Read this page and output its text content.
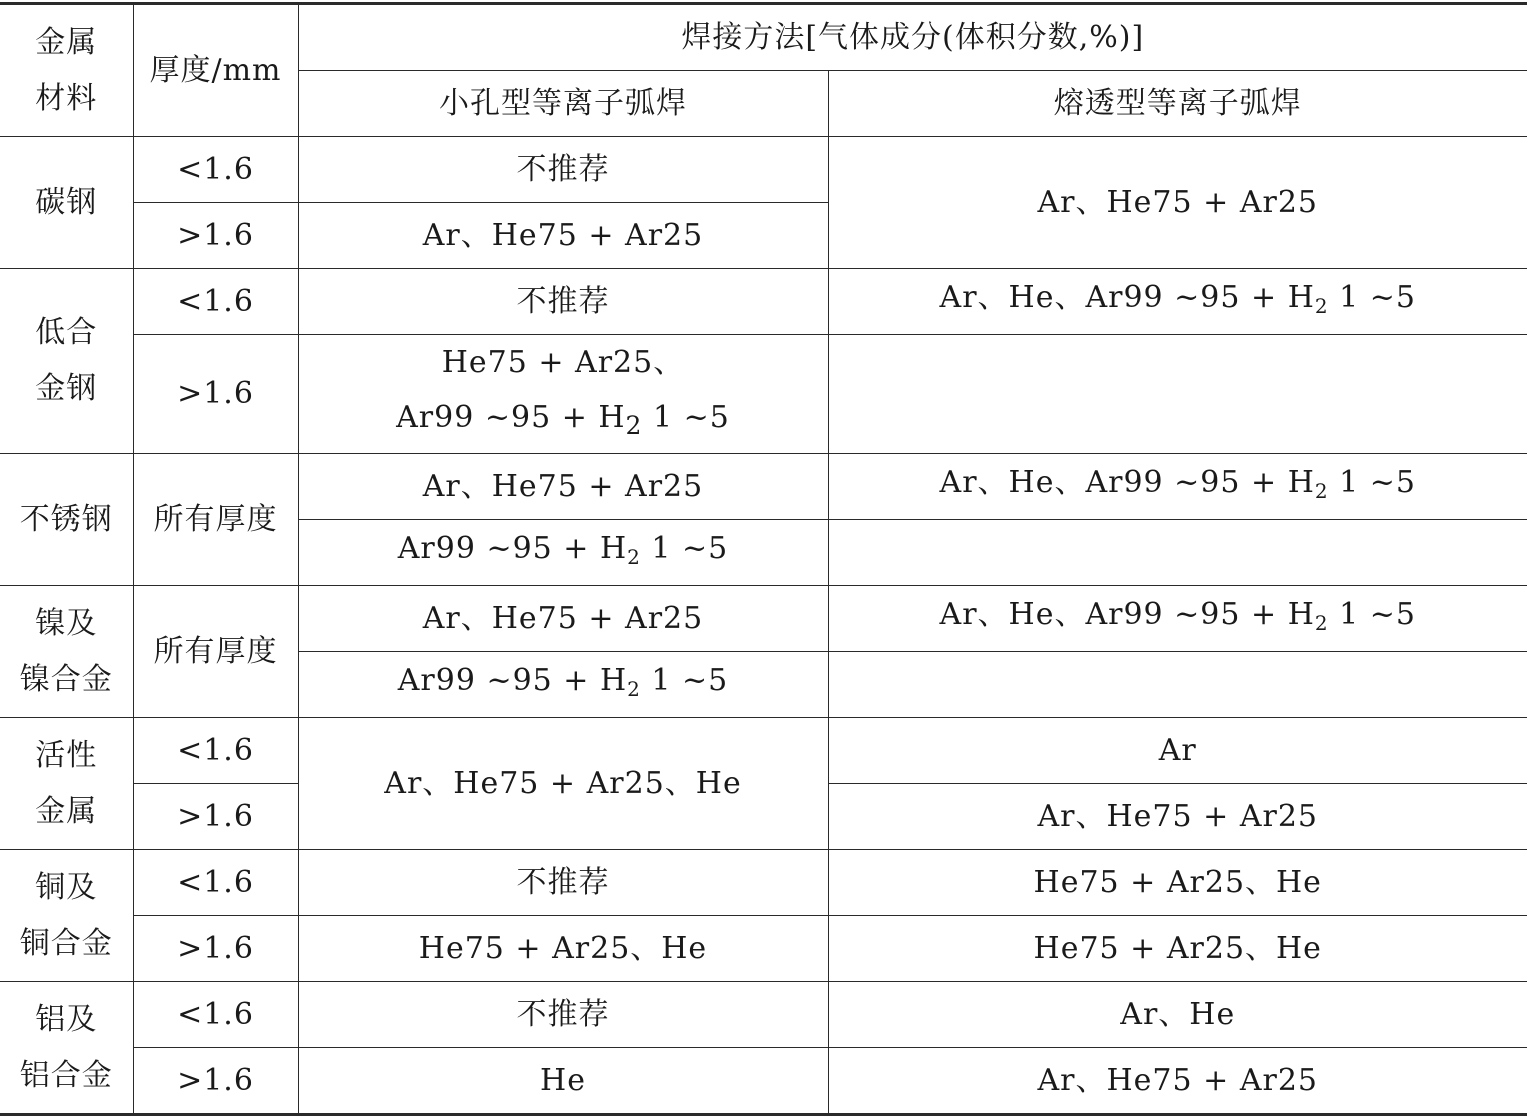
金属
材料	厚度/mm	焊接方法[气体成分(体积分数,%)]	
		小孔型等离子弧焊	熔透型等离子弧焊

碳钢	<1.6	不推荐	Ar、He75 + Ar25
	>1.6	Ar、He75 + Ar25	

低合
金钢	<1.6	不推荐	Ar、He、Ar99 ~95 + $H_2$ 1 ~5
	>1.6	He75 + Ar25、
Ar99 ~95 + $H_2$ 1 ~5	

不锈钢	所有厚度	Ar、He75 + Ar25	Ar、He、Ar99 ~95 + $H_2$ 1 ~5
		Ar99 ~95 + $H_2$ 1 ~5	

镍及
镍合金	所有厚度	Ar、He75 + Ar25	Ar、He、Ar99 ~95 + $H_2$ 1 ~5
		Ar99 ~95 + $H_2$ 1 ~5	

活性
金属	<1.6	Ar、He75 + Ar25、He	Ar
	>1.6		Ar、He75 + Ar25

铜及
铜合金	<1.6	不推荐	He75 + Ar25、He
	>1.6	He75 + Ar25、He	He75 + Ar25、He

铝及
铝合金	<1.6	不推荐	Ar、He
	>1.6	He	Ar、He75 + Ar25
